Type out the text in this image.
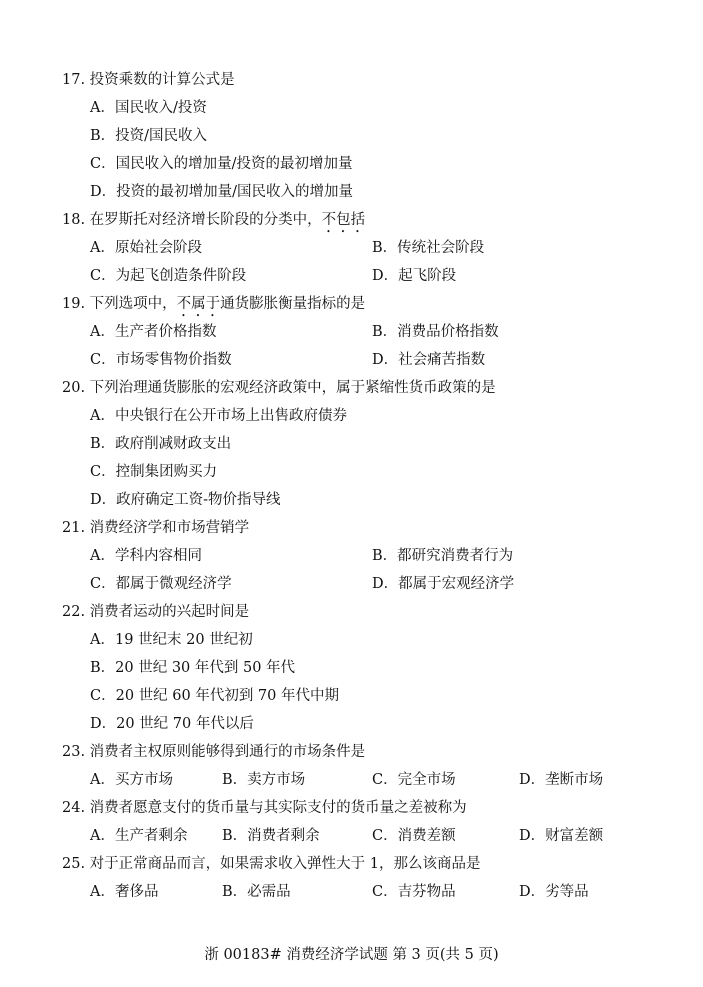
17. 投资乘数的计算公式是
A．国民收入/投资
B．投资/国民收入
C．国民收入的增加量/投资的最初增加量
D．投资的最初增加量/国民收入的增加量
18. 在罗斯托对经济增长阶段的分类中，不包括
A．原始社会阶段	B．传统社会阶段
C．为起飞创造条件阶段	D．起飞阶段
19. 下列选项中，不属于通货膨胀衡量指标的是
A．生产者价格指数	B．消费品价格指数
C．市场零售物价指数	D．社会痛苦指数
20. 下列治理通货膨胀的宏观经济政策中，属于紧缩性货币政策的是
A．中央银行在公开市场上出售政府债券
B．政府削减财政支出
C．控制集团购买力
D．政府确定工资-物价指导线
21. 消费经济学和市场营销学
A．学科内容相同	B．都研究消费者行为
C．都属于微观经济学	D．都属于宏观经济学
22. 消费者运动的兴起时间是
A．19 世纪末 20 世纪初
B．20 世纪 30 年代到 50 年代
C．20 世纪 60 年代初到 70 年代中期
D．20 世纪 70 年代以后
23. 消费者主权原则能够得到通行的市场条件是
A．买方市场	B．卖方市场	C．完全市场	D．垄断市场
24. 消费者愿意支付的货币量与其实际支付的货币量之差被称为
A．生产者剩余 B．消费者剩余	C．消费差额	D．财富差额
25. 对于正常商品而言，如果需求收入弹性大于 1，那么该商品是
A．奢侈品	B．必需品	C．吉芬物品	D．劣等品
浙 00183# 消费经济学试题 第 3 页(共 5 页)
